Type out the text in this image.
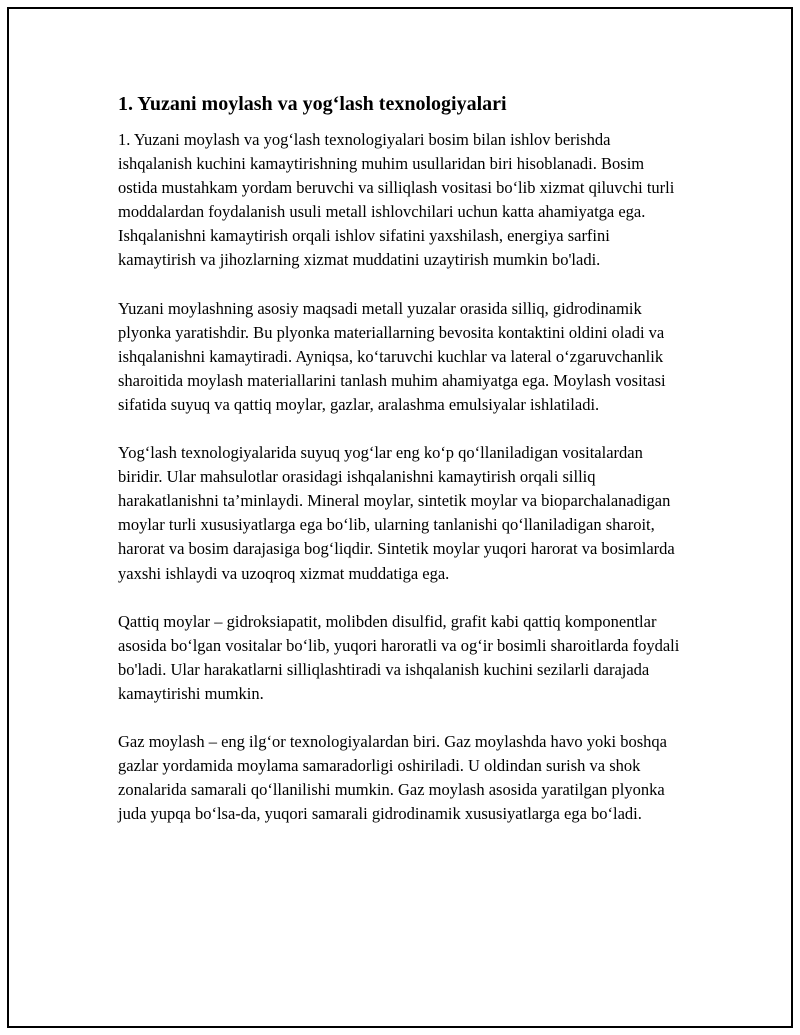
1. Yuzani moylash va yog‘lash texnologiyalari

1. Yuzani moylash va yog‘lash texnologiyalari bosim bilan ishlov berishda ishqalanish kuchini kamaytirishning muhim usullaridan biri hisoblanadi. Bosim ostida mustahkam yordam beruvchi va silliqlash vositasi bo‘lib xizmat qiluvchi turli moddalardan foydalanish usuli metall ishlovchilari uchun katta ahamiyatga ega. Ishqalanishni kamaytirish orqali ishlov sifatini yaxshilash, energiya sarfini kamaytirish va jihozlarning xizmat muddatini uzaytirish mumkin bo'ladi.

Yuzani moylashning asosiy maqsadi metall yuzalar orasida silliq, gidrodinamik plyonka yaratishdir. Bu plyonka materiallarning bevosita kontaktini oldini oladi va ishqalanishni kamaytiradi. Ayniqsa, ko‘taruvchi kuchlar va lateral o‘zgaruvchanlik sharoitida moylash materiallarini tanlash muhim ahamiyatga ega. Moylash vositasi sifatida suyuq va qattiq moylar, gazlar, aralashma emulsiyalar ishlatiladi.

Yog‘lash texnologiyalarida suyuq yog‘lar eng ko‘p qo‘llaniladigan vositalardan biridir. Ular mahsulotlar orasidagi ishqalanishni kamaytirish orqali silliq harakatlanishni ta’minlaydi. Mineral moylar, sintetik moylar va bioparchalanadigan moylar turli xususiyatlarga ega bo‘lib, ularning tanlanishi qo‘llaniladigan sharoit, harorat va bosim darajasiga bog‘liqdir. Sintetik moylar yuqori harorat va bosimlarda yaxshi ishlaydi va uzoqroq xizmat muddatiga ega.

Qattiq moylar – gidroksiapatit, molibden disulfid, grafit kabi qattiq komponentlar asosida bo‘lgan vositalar bo‘lib, yuqori haroratli va og‘ir bosimli sharoitlarda foydali bo'ladi. Ular harakatlarni silliqlashtiradi va ishqalanish kuchini sezilarli darajada kamaytirishi mumkin.

Gaz moylash – eng ilg‘or texnologiyalardan biri. Gaz moylashda havo yoki boshqa gazlar yordamida moylama samaradorligi oshiriladi. U oldindan surish va shok zonalarida samarali qo‘llanilishi mumkin. Gaz moylash asosida yaratilgan plyonka juda yupqa bo‘lsa-da, yuqori samarali gidrodinamik xususiyatlarga ega bo‘ladi.
